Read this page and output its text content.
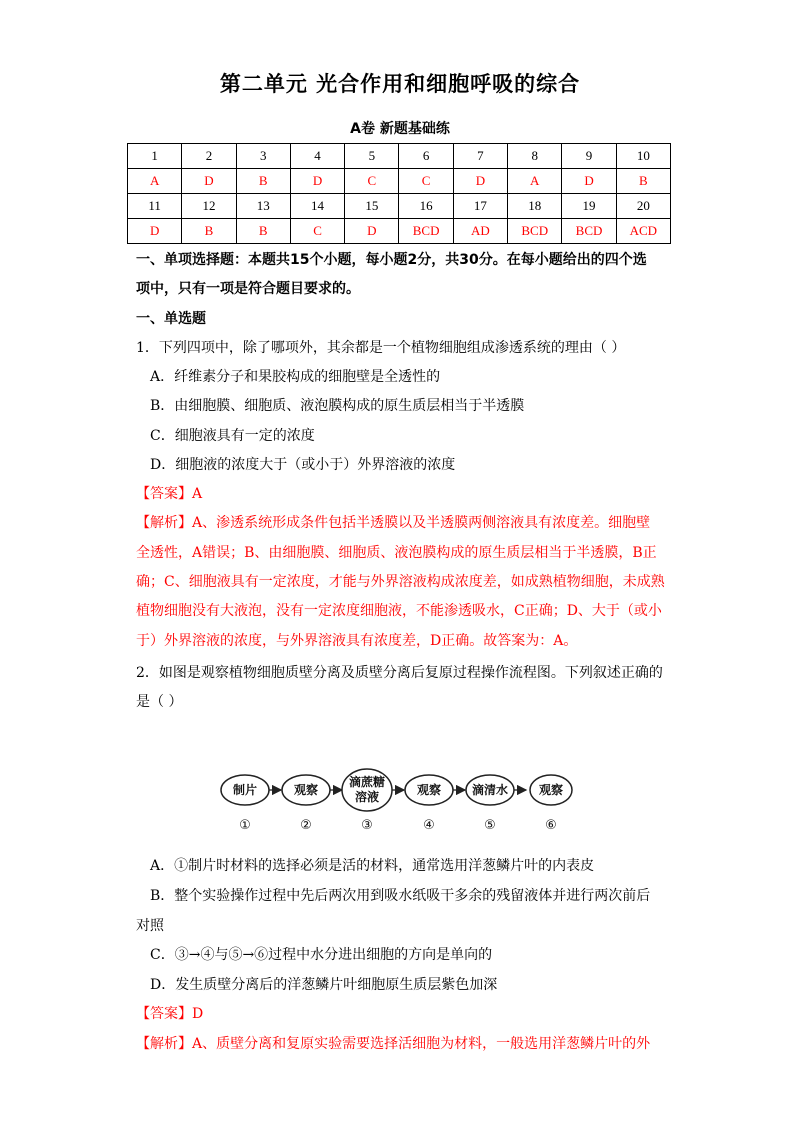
第二单元 光合作用和细胞呼吸的综合
A卷 新题基础练
1	2	3	4	5	6	7	8	9	10
A	D	B	D	C	C	D	A	D	B
11	12	13	14	15	16	17	18	19	20
D	B	B	C	D	BCD	AD	BCD	BCD	ACD
一、单项选择题：本题共15个小题，每小题2分，共30分。在每小题给出的四个选
项中，只有一项是符合题目要求的。
一、单选题
1．下列四项中，除了哪项外，其余都是一个植物细胞组成渗透系统的理由（ ）
A．纤维素分子和果胶构成的细胞壁是全透性的
B．由细胞膜、细胞质、液泡膜构成的原生质层相当于半透膜
C．细胞液具有一定的浓度
D．细胞液的浓度大于（或小于）外界溶液的浓度
【答案】A
【解析】A、渗透系统形成条件包括半透膜以及半透膜两侧溶液具有浓度差。细胞壁
全透性，A错误；B、由细胞膜、细胞质、液泡膜构成的原生质层相当于半透膜，B正
确；C、细胞液具有一定浓度，才能与外界溶液构成浓度差，如成熟植物细胞，未成熟
植物细胞没有大液泡，没有一定浓度细胞液，不能渗透吸水，C正确；D、大于（或小
于）外界溶液的浓度，与外界溶液具有浓度差，D正确。故答案为：A。
2．如图是观察植物细胞质壁分离及质壁分离后复原过程操作流程图。下列叙述正确的
是（ ）
制片	观察
滴蔗糖
溶液	观察	滴清水	观察
①	②	③	④	⑤	⑥
A．①制片时材料的选择必须是活的材料，通常选用洋葱鳞片叶的内表皮
B．整个实验操作过程中先后两次用到吸水纸吸干多余的残留液体并进行两次前后
对照
C．③→④与⑤→⑥过程中水分进出细胞的方向是单向的
D．发生质壁分离后的洋葱鳞片叶细胞原生质层紫色加深
【答案】D
【解析】A、质壁分离和复原实验需要选择活细胞为材料，一般选用洋葱鳞片叶的外
